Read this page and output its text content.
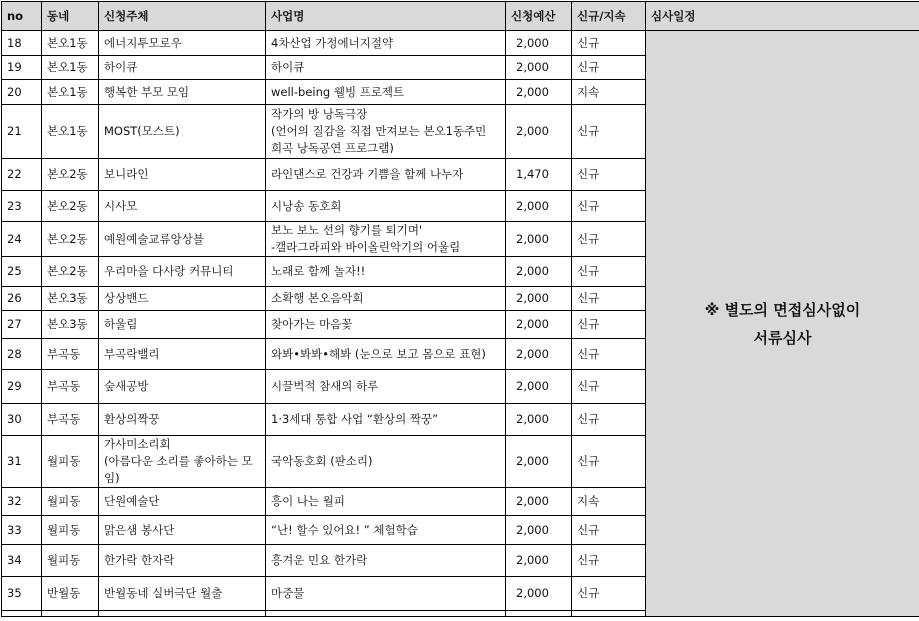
no	동네	신청주체	사업명	신청예산	신규/지속	심사일정
18	본오1동	에너지투모로우	4차산업 가정에너지절약	2,000	신규	※ 별도의 면접심사없이
서류심사
19	본오1동	하이큐	하이큐	2,000	신규	
20	본오1동	행복한 부모 모임	well-being 웰빙 프로젝트	2,000	지속	
21	본오1동	MOST(모스트)	작가의 방 낭독극장
(언어의 질감을 직접 만져보는 본오1동주민
희곡 낭독공연 프로그램)	2,000	신규	
22	본오2동	보니라인	라인댄스로 건강과 기쁨을 함께 나누자	1,470	신규	
23	본오2동	시사모	시낭송 동호회	2,000	신규	
24	본오2동	예원예술교류앙상블	보노 보노 선의 향기를 퇴기며'
-캘라그라피와 바이올린악기의 어울림	2,000	신규	
25	본오2동	우리마을 다사랑 커뮤니티	노래로 함께 놀자!!	2,000	신규	
26	본오3동	상상밴드	소확행 본오음악회	2,000	신규	
27	본오3동	하울림	찾아가는 마음꽃	2,000	신규	
28	부곡동	부곡락밸리	와봐•봐봐•해봐 (눈으로 보고 몸으로 표현)	2,000	신규	
29	부곡동	숲새공방	시끌벅적 참새의 하루	2,000	신규	
30	부곡동	환상의짝꿍	1·3세대 통합 사업 “환상의 짝꿍”	2,000	신규	
31	월피동	가사미소리회
(아름다운 소리를 좋아하는 모임)	국악동호회 (판소리)	2,000	신규	
32	월피동	단원예술단	흥이 나는 월피	2,000	지속	
33	월피동	맑은샘 봉사단	“난! 할수 있어요! ” 체험학습	2,000	신규	
34	월피동	한가락 한자락	흥겨운 민요 한가락	2,000	신규	
35	반월동	반월동네 실버극단 월출	마중물	2,000	신규	
